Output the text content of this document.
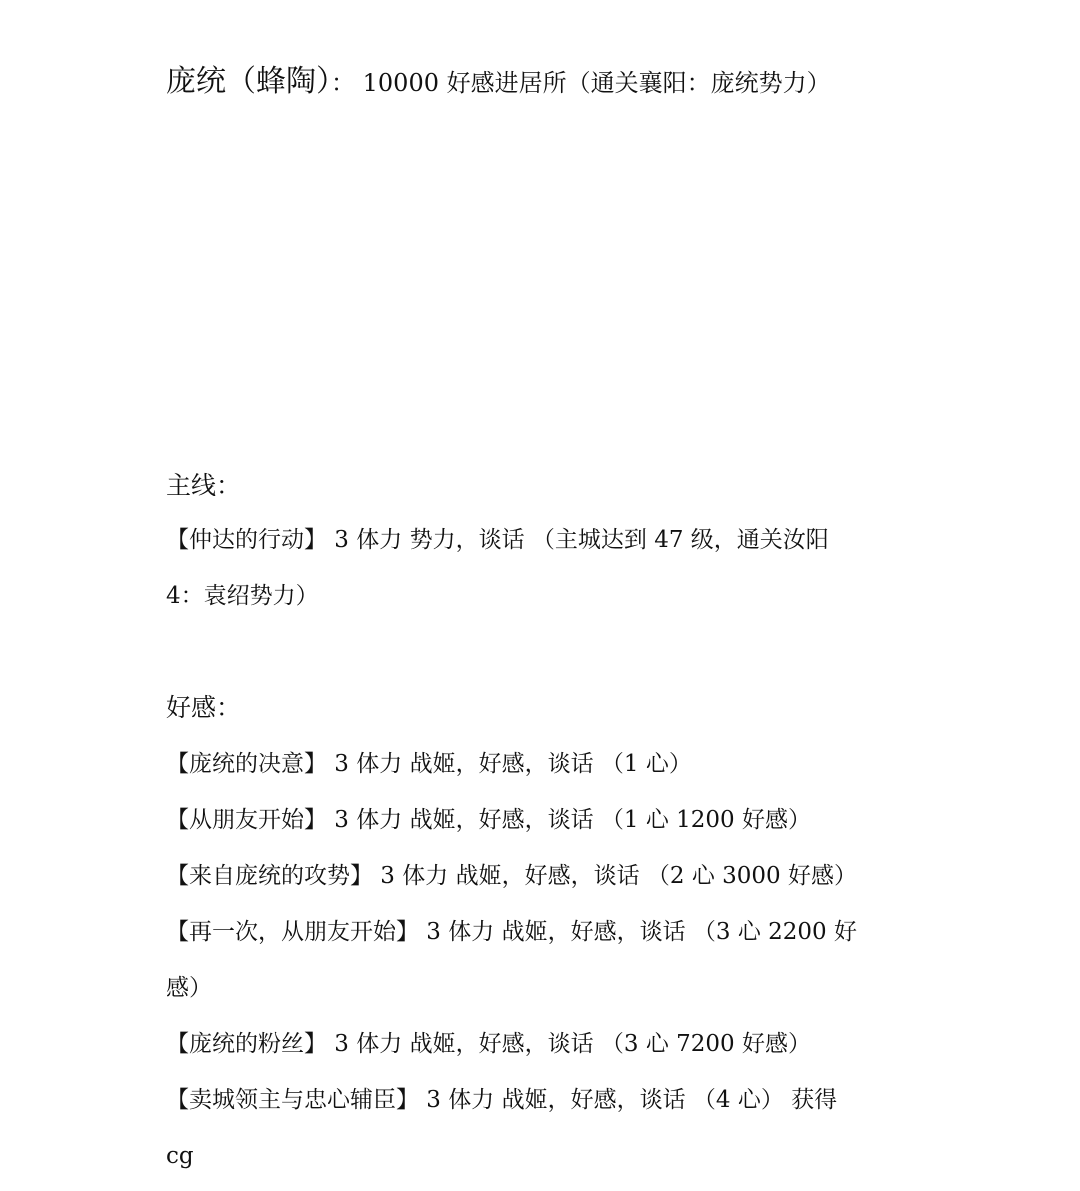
庞统（蜂陶）： 10000 好感进居所（通关襄阳：庞统势力）
主线：
【仲达的行动】 3 体力 势力，谈话 （主城达到 47 级，通关汝阳
4：袁绍势力）
好感：
【庞统的决意】 3 体力 战姬，好感，谈话 （1 心）
【从朋友开始】 3 体力 战姬，好感，谈话 （1 心 1200 好感）
【来自庞统的攻势】 3 体力 战姬，好感，谈话 （2 心 3000 好感）
【再一次，从朋友开始】 3 体力 战姬，好感，谈话 （3 心 2200 好
感）
【庞统的粉丝】 3 体力 战姬，好感，谈话 （3 心 7200 好感）
【卖城领主与忠心辅臣】 3 体力 战姬，好感，谈话 （4 心） 获得
cg
